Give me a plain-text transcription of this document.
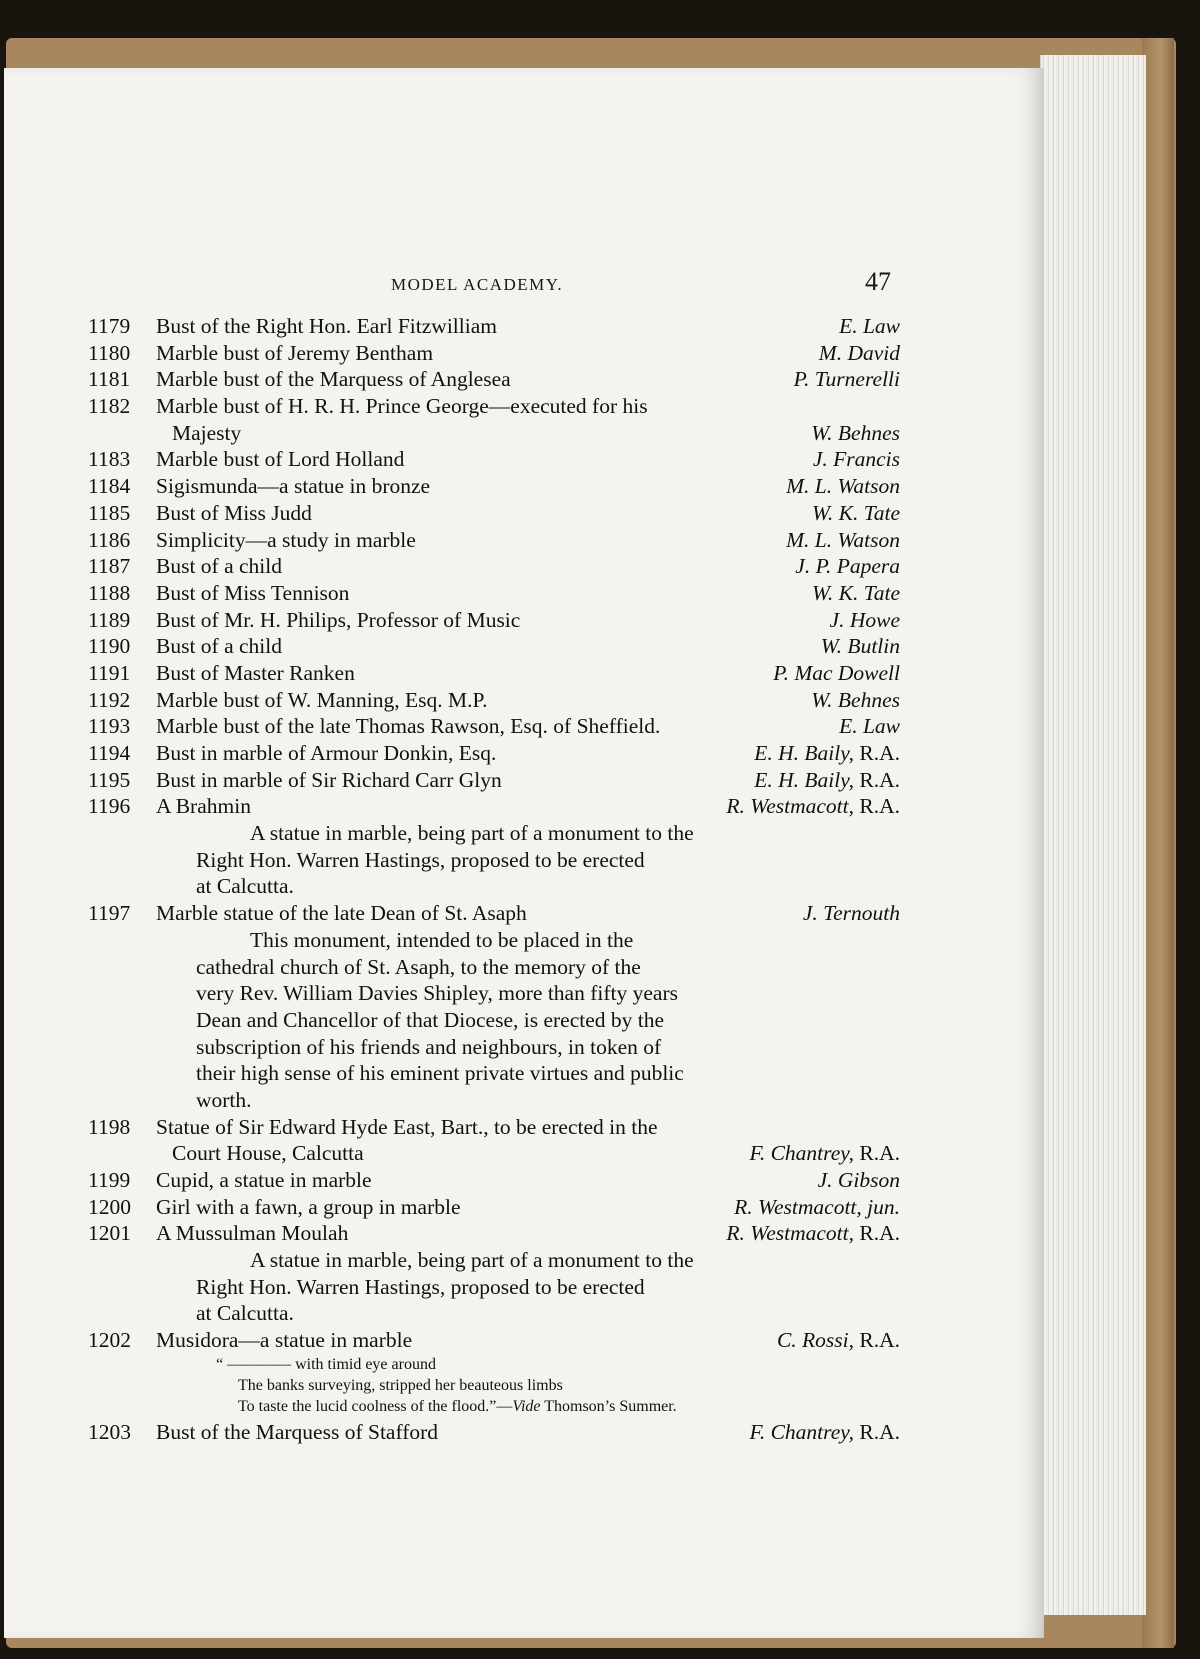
MODEL ACADEMY.	47
1179 Bust of the Right Hon. Earl Fitzwilliam	E. Law
1180 Marble bust of Jeremy Bentham	M. David
1181 Marble bust of the Marquess of Anglesea	P. Turnerelli
1182 Marble bust of H. R. H. Prince George—executed for his
Majesty	W. Behnes
1183 Marble bust of Lord Holland	J. Francis
1184 Sigismunda—a statue in bronze	M. L. Watson
1185 Bust of Miss Judd	W. K. Tate
1186 Simplicity—a study in marble	M. L. Watson
1187 Bust of a child	J. P. Papera
1188 Bust of Miss Tennison	W. K. Tate
1189 Bust of Mr. H. Philips, Professor of Music	J. Howe
1190 Bust of a child	W. Butlin
1191 Bust of Master Ranken	P. Mac Dowell
1192 Marble bust of W. Manning, Esq. M.P.	W. Behnes
1193 Marble bust of the late Thomas Rawson, Esq. of Sheffield.	E. Law
1194 Bust in marble of Armour Donkin, Esq.	E. H. Baily, R.A.
1195 Bust in marble of Sir Richard Carr Glyn	E. H. Baily, R.A.
1196 A Brahmin	R. Westmacott, R.A.
A statue in marble, being part of a monument to the
Right Hon. Warren Hastings, proposed to be erected
at Calcutta.
1197 Marble statue of the late Dean of St. Asaph	J. Ternouth
This monument, intended to be placed in the
cathedral church of St. Asaph, to the memory of the
very Rev. William Davies Shipley, more than fifty years
Dean and Chancellor of that Diocese, is erected by the
subscription of his friends and neighbours, in token of
their high sense of his eminent private virtues and public
worth.
1198 Statue of Sir Edward Hyde East, Bart., to be erected in the
Court House, Calcutta	F. Chantrey, R.A.
1199 Cupid, a statue in marble	J. Gibson
1200 Girl with a fawn, a group in marble	R. Westmacott, jun.
1201 A Mussulman Moulah	R. Westmacott, R.A.
A statue in marble, being part of a monument to the
Right Hon. Warren Hastings, proposed to be erected
at Calcutta.
1202 Musidora—a statue in marble	C. Rossi, R.A.
“ ———— with timid eye around
The banks surveying, stripped her beauteous limbs
To taste the lucid coolness of the flood.”—Vide Thomson’s Summer.
1203 Bust of the Marquess of Stafford	F. Chantrey, R.A.
